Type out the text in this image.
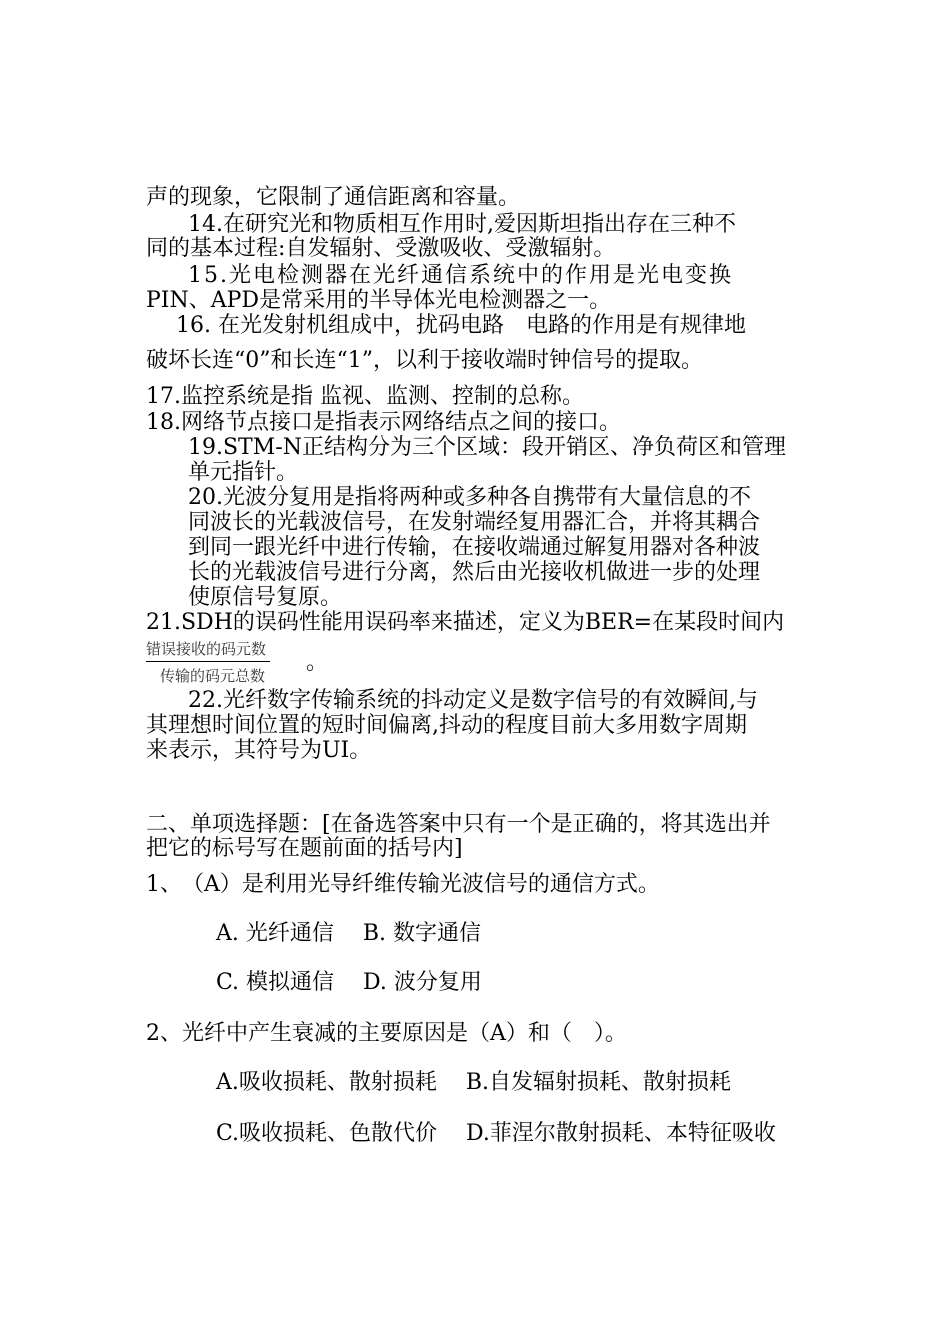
声的现象，它限制了通信距离和容量。
14.在研究光和物质相互作用时,爱因斯坦指出存在三种不
同的基本过程:自发辐射、受激吸收、受激辐射。
15.光电检测器在光纤通信系统中的作用是光电变换
PIN、APD是常采用的半导体光电检测器之一。
16. 在光发射机组成中，扰码电路　电路的作用是有规律地
破坏长连“0”和长连“1”，以利于接收端时钟信号的提取。
17.监控系统是指 监视、监测、控制的总称。
18.网络节点接口是指表示网络结点之间的接口。
19.STM-N正结构分为三个区域：段开销区、净负荷区和管理
单元指针。
20.光波分复用是指将两种或多种各自携带有大量信息的不
同波长的光载波信号，在发射端经复用器汇合，并将其耦合
到同一跟光纤中进行传输，在接收端通过解复用器对各种波
长的光载波信号进行分离，然后由光接收机做进一步的处理
使原信号复原。
21.SDH的误码性能用误码率来描述，定义为BER=在某段时间内
错误接收的码元数
传输的码元总数
。
22.光纤数字传输系统的抖动定义是数字信号的有效瞬间,与
其理想时间位置的短时间偏离,抖动的程度目前大多用数字周期
来表示，其符号为UI。
二、单项选择题：[在备选答案中只有一个是正确的，将其选出并
把它的标号写在题前面的括号内]
1、　（A）是利用光导纤维传输光波信号的通信方式。
A. 光纤通信　 B. 数字通信
C. 模拟通信　 D. 波分复用
2、光纤中产生衰减的主要原因是（A）和（　）。
A.吸收损耗、散射损耗　 B.自发辐射损耗、散射损耗
C.吸收损耗、色散代价　 D.菲涅尔散射损耗、本特征吸收
